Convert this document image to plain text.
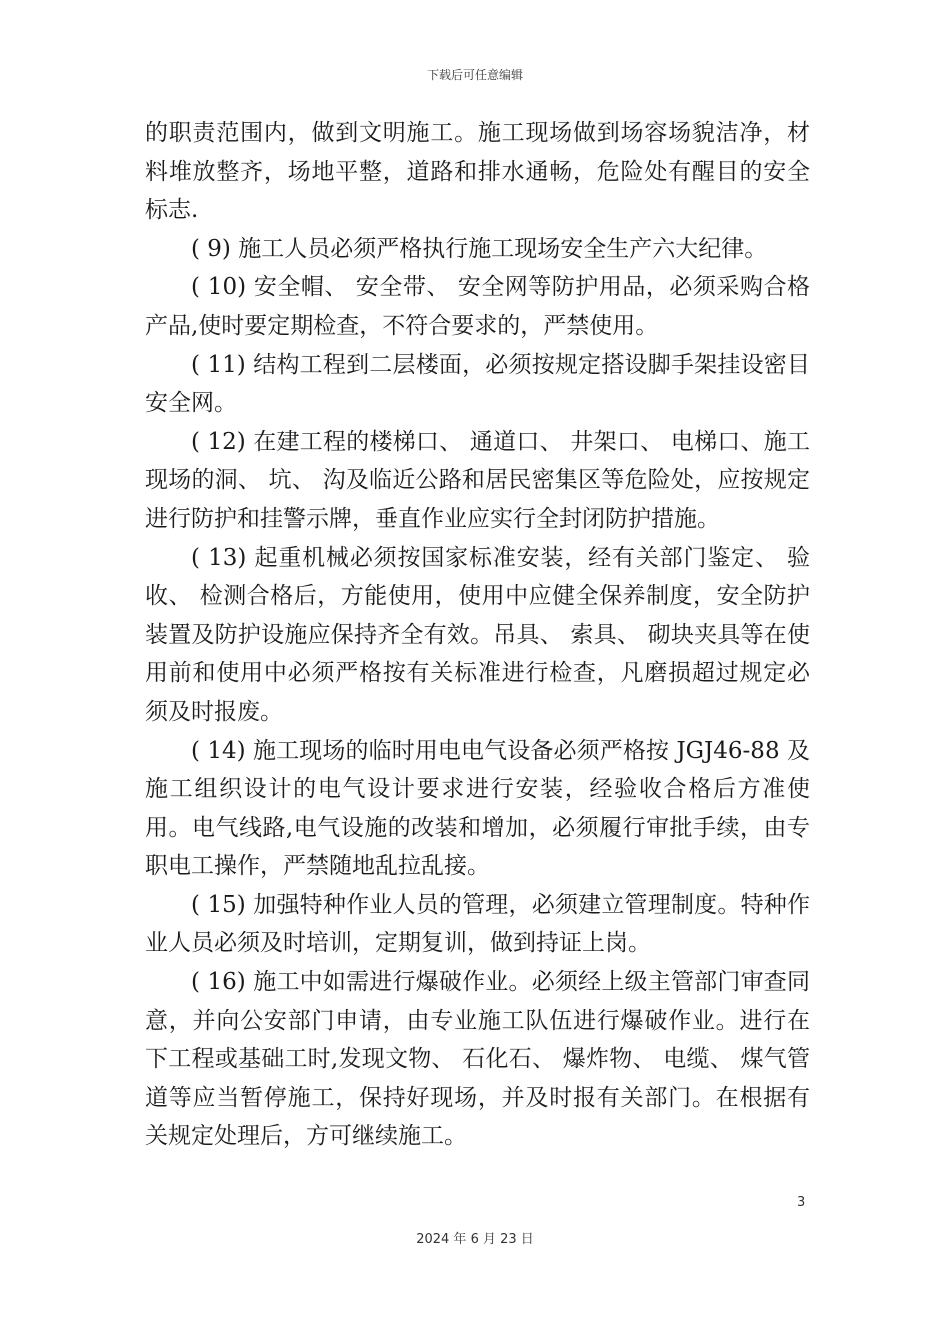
下载后可任意编辑

的职责范围内，做到文明施工。施工现场做到场容场貌洁净，材料堆放整齐，场地平整，道路和排水通畅，危险处有醒目的安全标志.

( 9) 施工人员必须严格执行施工现场安全生产六大纪律。

( 10) 安全帽、 安全带、 安全网等防护用品，必须采购合格产品,使时要定期检查，不符合要求的，严禁使用。

( 11) 结构工程到二层楼面，必须按规定搭设脚手架挂设密目安全网。

( 12) 在建工程的楼梯口、 通道口、 井架口、 电梯口、施工现场的洞、 坑、 沟及临近公路和居民密集区等危险处，应按规定进行防护和挂警示牌，垂直作业应实行全封闭防护措施。

( 13) 起重机械必须按国家标准安装，经有关部门鉴定、 验收、 检测合格后，方能使用，使用中应健全保养制度，安全防护装置及防护设施应保持齐全有效。吊具、 索具、 砌块夹具等在使用前和使用中必须严格按有关标准进行检查，凡磨损超过规定必须及时报废。

( 14) 施工现场的临时用电电气设备必须严格按 JGJ46-88 及施工组织设计的电气设计要求进行安装，经验收合格后方准使用。电气线路,电气设施的改装和增加，必须履行审批手续，由专职电工操作，严禁随地乱拉乱接。

( 15) 加强特种作业人员的管理，必须建立管理制度。特种作业人员必须及时培训，定期复训，做到持证上岗。

( 16) 施工中如需进行爆破作业。必须经上级主管部门审查同意，并向公安部门申请，由专业施工队伍进行爆破作业。进行在下工程或基础工时,发现文物、 石化石、 爆炸物、 电缆、 煤气管道等应当暂停施工，保持好现场，并及时报有关部门。在根据有关规定处理后，方可继续施工。

3
2024 年 6 月 23 日
